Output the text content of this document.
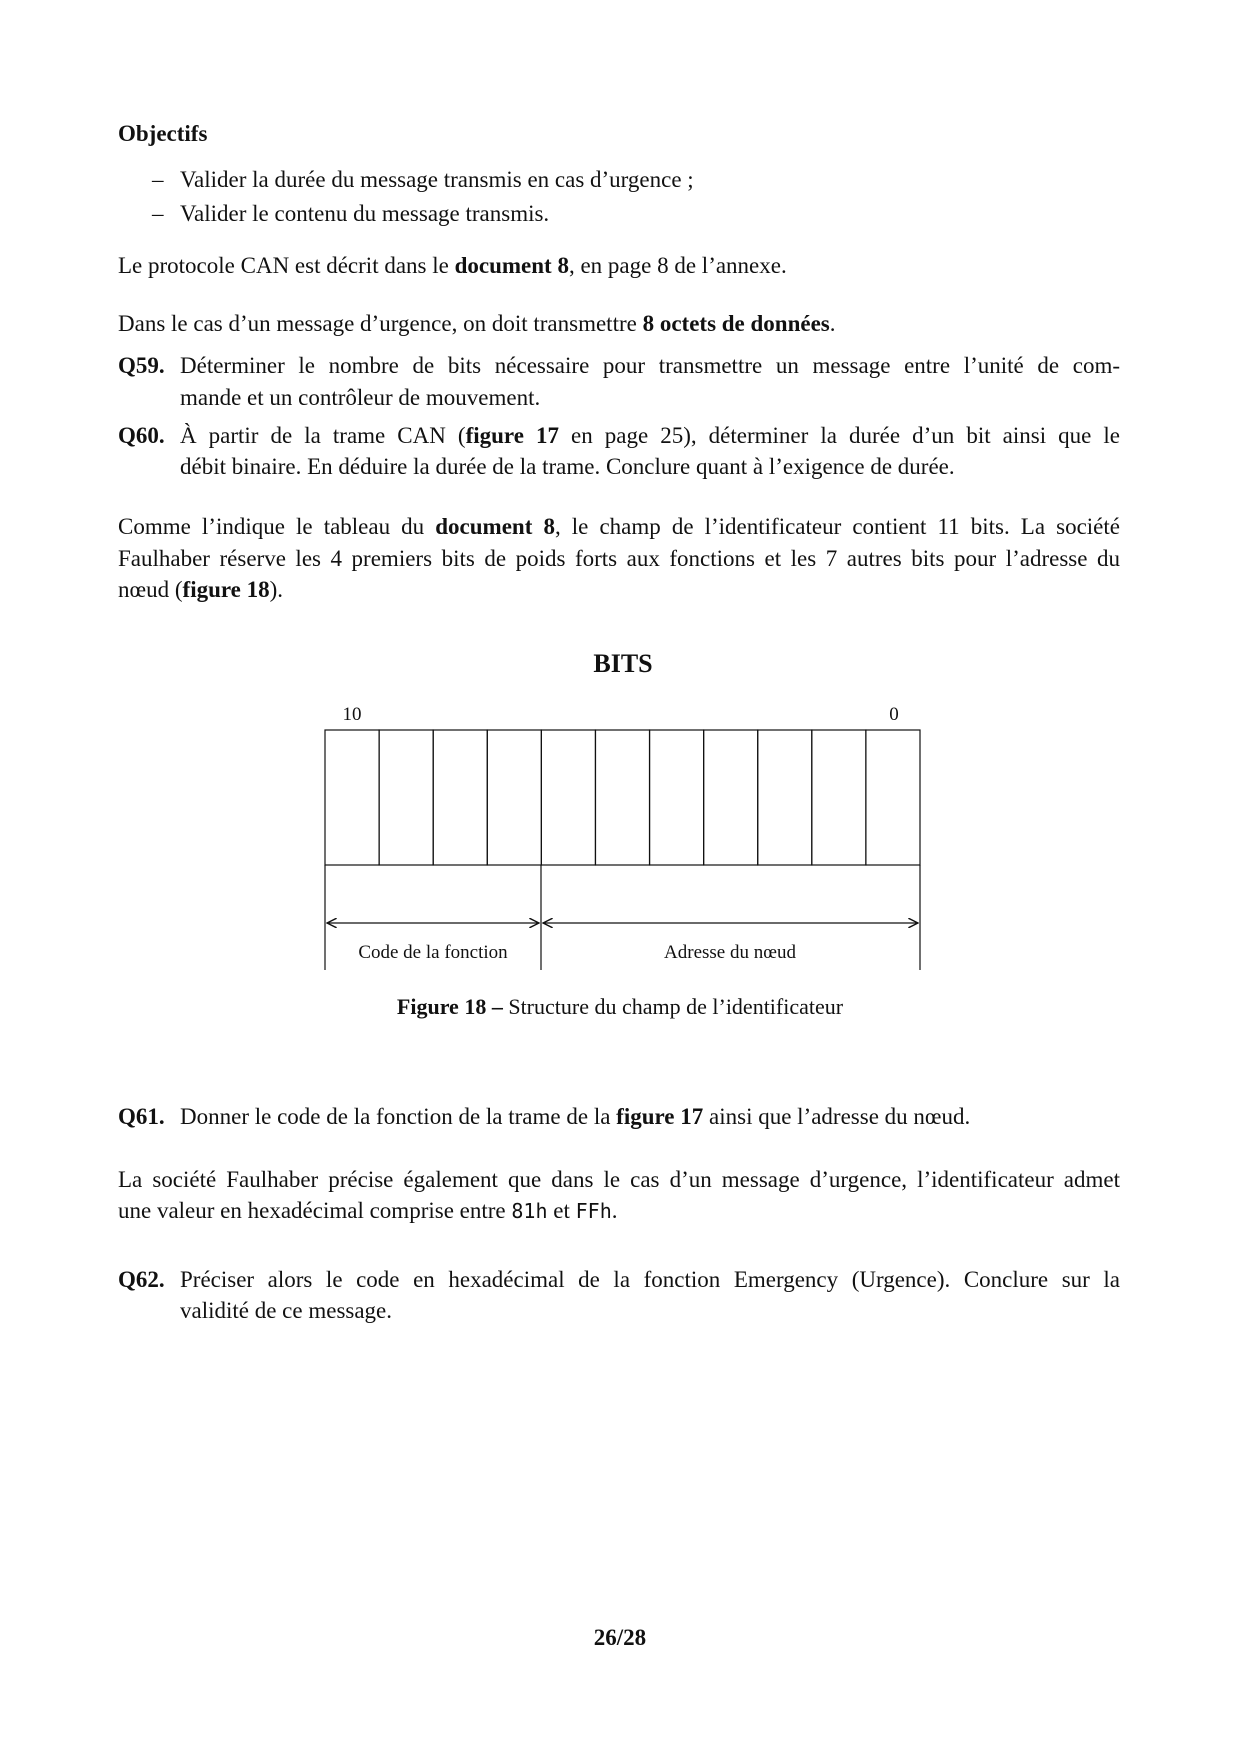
Objectifs
– Valider la durée du message transmis en cas d’urgence ;
– Valider le contenu du message transmis.
Le protocole CAN est décrit dans le document 8, en page 8 de l’annexe.
Dans le cas d’un message d’urgence, on doit transmettre 8 octets de données.
Q59. Déterminer le nombre de bits nécessaire pour transmettre un message entre l’unité de com-
mande et un contrôleur de mouvement.
Q60. À partir de la trame CAN (figure 17 en page 25), déterminer la durée d’un bit ainsi que le
débit binaire. En déduire la durée de la trame. Conclure quant à l’exigence de durée.
Comme l’indique le tableau du document 8, le champ de l’identificateur contient 11 bits. La société
Faulhaber réserve les 4 premiers bits de poids forts aux fonctions et les 7 autres bits pour l’adresse du
nœud (figure 18).
BITS
10	0
Code de la fonction	Adresse du nœud
Figure 18 – Structure du champ de l’identificateur
Q61. Donner le code de la fonction de la trame de la figure 17 ainsi que l’adresse du nœud.
La société Faulhaber précise également que dans le cas d’un message d’urgence, l’identificateur admet
une valeur en hexadécimal comprise entre 81h et FFh.
Q62. Préciser alors le code en hexadécimal de la fonction Emergency (Urgence). Conclure sur la
validité de ce message.
26/28
